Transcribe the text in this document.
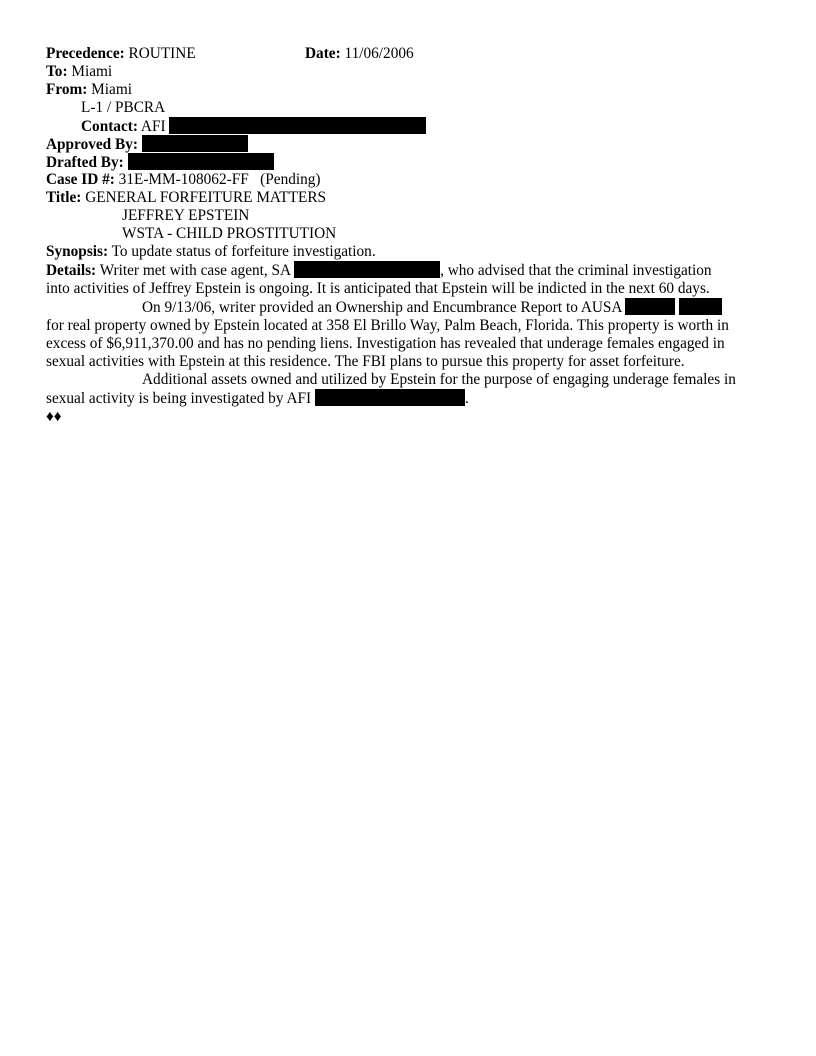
Precedence: ROUTINE	Date: 11/06/2006
To: Miami
From: Miami
L-1 / PBCRA
Contact: AFI
Approved By:
Drafted By:
Case ID #: 31E-MM-108062-FF   (Pending)
Title: GENERAL FORFEITURE MATTERS
JEFFREY EPSTEIN
WSTA - CHILD PROSTITUTION
Synopsis: To update status of forfeiture investigation.
Details: Writer met with case agent, SA	, who advised that the criminal investigation into activities of Jeffrey Epstein is ongoing. It is anticipated that Epstein will be indicted in the next 60 days.
On 9/13/06, writer provided an Ownership and Encumbrance Report to AUSA   for real property owned by Epstein located at 358 El Brillo Way, Palm Beach, Florida. This property is worth in excess of $6,911,370.00 and has no pending liens. Investigation has revealed that underage females engaged in sexual activities with Epstein at this residence. The FBI plans to pursue this property for asset forfeiture.
Additional assets owned and utilized by Epstein for the purpose of engaging underage females in sexual activity is being investigated by AFI	.
♦♦
